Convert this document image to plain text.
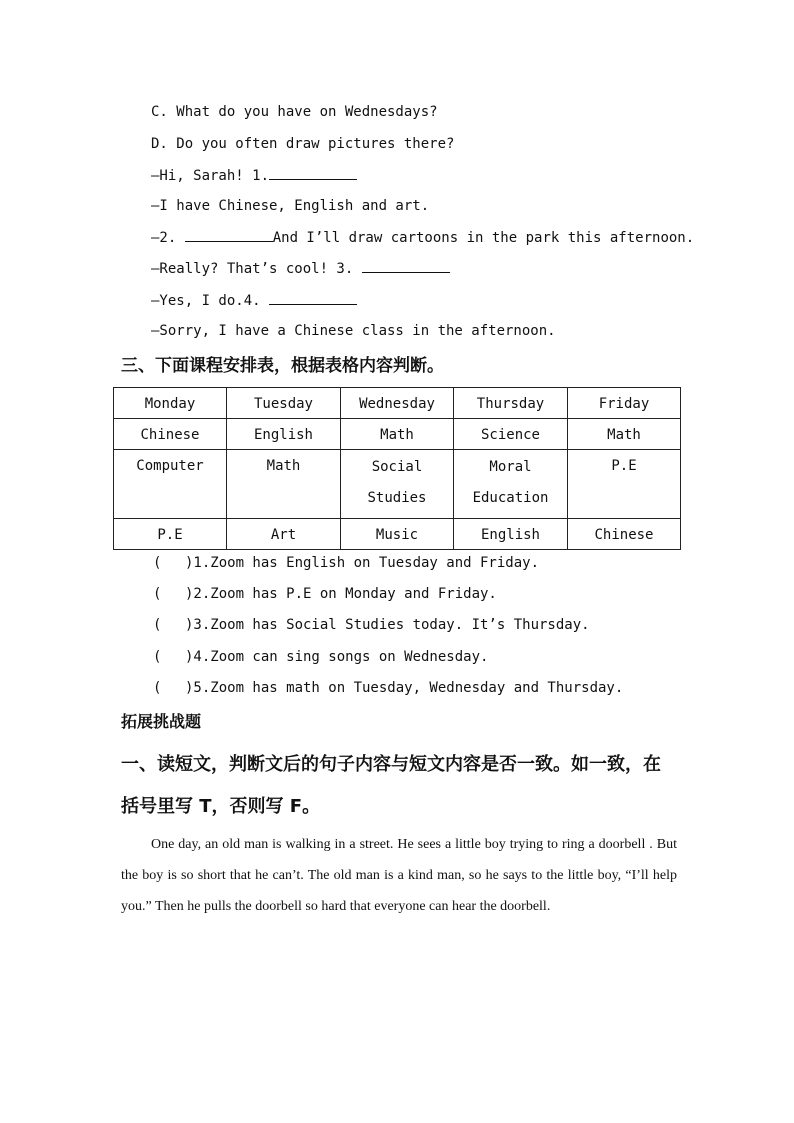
C. What do you have on Wednesdays?
D. Do you often draw pictures there?
—Hi, Sarah! 1.
—I have Chinese, English and art.
—2.	And I’ll draw cartoons in the park this afternoon.
—Really? That’s cool! 3.
—Yes, I do.4.
—Sorry, I have a Chinese class in the afternoon.
三、下面课程安排表，根据表格内容判断。
Monday	Tuesday	Wednesday	Thursday	Friday
Chinese	English	Math	Science	Math
Computer	Math	Social Studies	Moral Education	P.E
P.E	Art	Music	English	Chinese
( )1.Zoom has English on Tuesday and Friday.
( )2.Zoom has P.E on Monday and Friday.
( )3.Zoom has Social Studies today. It’s Thursday.
( )4.Zoom can sing songs on Wednesday.
( )5.Zoom has math on Tuesday, Wednesday and Thursday.
拓展挑战题
一、读短文，判断文后的句子内容与短文内容是否一致。如一致，在
括号里写 T，否则写 F。
One day, an old man is walking in a street. He sees a little boy trying to ring a doorbell . But the boy is so short that he can’t. The old man is a kind man, so he says to the little boy, “I’ll help you.” Then he pulls the doorbell so hard that everyone can hear the doorbell.
